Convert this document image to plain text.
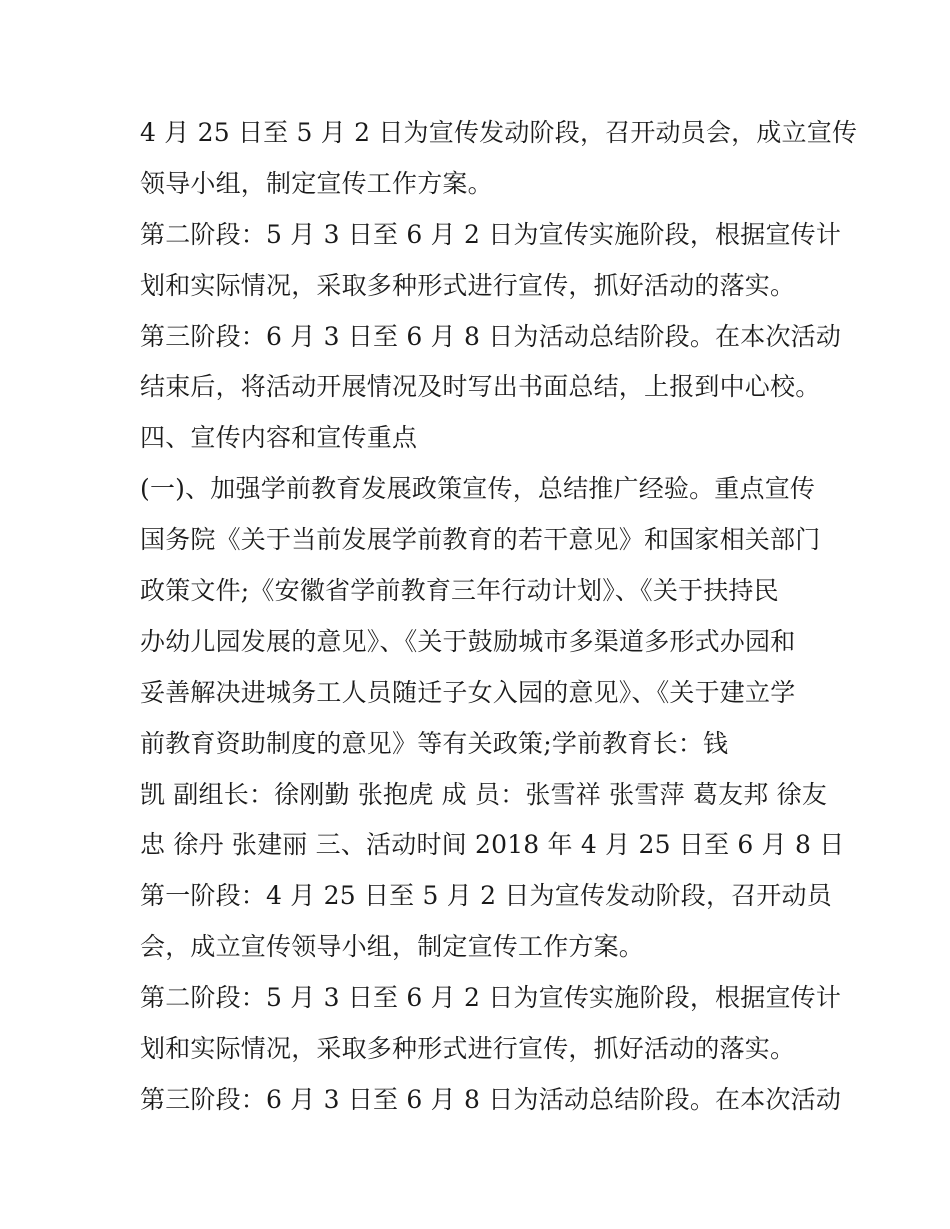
4 月 25 日至 5 月 2 日为宣传发动阶段，召开动员会，成立宣传
领导小组，制定宣传工作方案。
第二阶段：5 月 3 日至 6 月 2 日为宣传实施阶段，根据宣传计
划和实际情况，采取多种形式进行宣传，抓好活动的落实。
第三阶段：6 月 3 日至 6 月 8 日为活动总结阶段。在本次活动
结束后，将活动开展情况及时写出书面总结，上报到中心校。
四、宣传内容和宣传重点
(一)、加强学前教育发展政策宣传，总结推广经验。重点宣传
国务院《关于当前发展学前教育的若干意见》和国家相关部门
政策文件;《安徽省学前教育三年行动计划》、《关于扶持民
办幼儿园发展的意见》、《关于鼓励城市多渠道多形式办园和
妥善解决进城务工人员随迁子女入园的意见》、《关于建立学
前教育资助制度的意见》等有关政策;学前教育长：钱
凯 副组长：徐刚勤 张抱虎 成 员：张雪祥 张雪萍 葛友邦 徐友
忠 徐丹 张建丽 三、活动时间 2018 年 4 月 25 日至 6 月 8 日
第一阶段：4 月 25 日至 5 月 2 日为宣传发动阶段，召开动员
会，成立宣传领导小组，制定宣传工作方案。
第二阶段：5 月 3 日至 6 月 2 日为宣传实施阶段，根据宣传计
划和实际情况，采取多种形式进行宣传，抓好活动的落实。
第三阶段：6 月 3 日至 6 月 8 日为活动总结阶段。在本次活动
